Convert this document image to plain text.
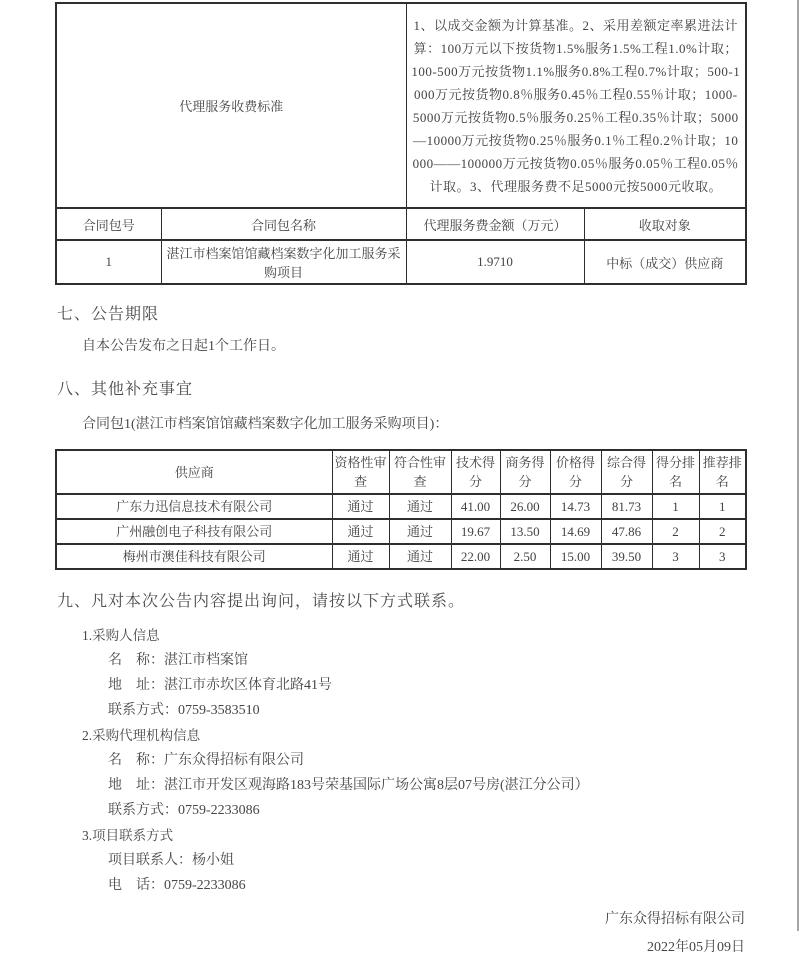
代理服务收费标准		1、以成交金额为计算基准。2、采用差额定率累进法计算：100万元以下按货物1.5%服务1.5%工程1.0%计取；100-500万元按货物1.1%服务0.8%工程0.7%计取；500-1000万元按货物0.8％服务0.45％工程0.55％计取；1000-5000万元按货物0.5％服务0.25％工程0.35％计取；5000—10000万元按货物0.25％服务0.1％工程0.2％计取；10000——100000万元按货物0.05％服务0.05％工程0.05％计取。3、代理服务费不足5000元按5000元收取。	
合同包号	合同包名称	代理服务费金额（万元）	收取对象
1	湛江市档案馆馆藏档案数字化加工服务采购项目	1.9710	中标（成交）供应商
七、公告期限
自本公告发布之日起1个工作日。
八、其他补充事宜
合同包1(湛江市档案馆馆藏档案数字化加工服务采购项目)：
供应商	资格性审查	符合性审查	技术得分	商务得分	价格得分	综合得分	得分排名	推荐排名
广东力迅信息技术有限公司	通过	通过	41.00	26.00	14.73	81.73	1	1
广州融创电子科技有限公司	通过	通过	19.67	13.50	14.69	47.86	2	2
梅州市澳佳科技有限公司	通过	通过	22.00	2.50	15.00	39.50	3	3
九、凡对本次公告内容提出询问，请按以下方式联系。
1.采购人信息
名　称：湛江市档案馆
地　址：湛江市赤坎区体育北路41号
联系方式：0759-3583510
2.采购代理机构信息
名　称：广东众得招标有限公司
地　址：湛江市开发区观海路183号荣基国际广场公寓8层07号房(湛江分公司）
联系方式：0759-2233086
3.项目联系方式
项目联系人：杨小姐
电　话：0759-2233086
广东众得招标有限公司
2022年05月09日
